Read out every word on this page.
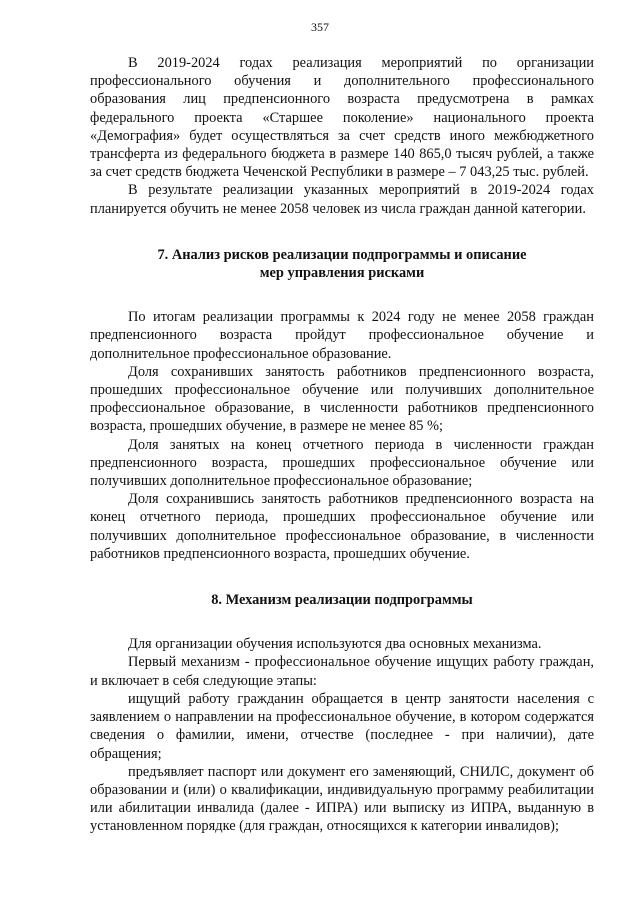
357

В 2019-2024 годах реализация мероприятий по организации профессионального обучения и дополнительного профессионального образования лиц предпенсионного возраста предусмотрена в рамках федерального проекта «Старшее поколение» национального проекта «Демография» будет осуществляться за счет средств иного межбюджетного трансферта из федерального бюджета в размере 140 865,0 тысяч рублей, а также за счет средств бюджета Чеченской Республики в размере – 7 043,25 тыс. рублей.

В результате реализации указанных мероприятий в 2019-2024 годах планируется обучить не менее 2058 человек из числа граждан данной категории.

7. Анализ рисков реализации подпрограммы и описание
мер управления рисками

По итогам реализации программы к 2024 году не менее 2058 граждан предпенсионного возраста пройдут профессиональное обучение и дополнительное профессиональное образование.

Доля сохранивших занятость работников предпенсионного возраста, прошедших профессиональное обучение или получивших дополнительное профессиональное образование, в численности работников предпенсионного возраста, прошедших обучение, в размере не менее 85 %;

Доля занятых на конец отчетного периода в численности граждан предпенсионного возраста, прошедших профессиональное обучение или получивших дополнительное профессиональное образование;

Доля сохранившись занятость работников предпенсионного возраста на конец отчетного периода, прошедших профессиональное обучение или получивших дополнительное профессиональное образование, в численности работников предпенсионного возраста, прошедших обучение.

8. Механизм реализации подпрограммы

Для организации обучения используются два основных механизма.

Первый механизм - профессиональное обучение ищущих работу граждан, и включает в себя следующие этапы:

ищущий работу гражданин обращается в центр занятости населения с заявлением о направлении на профессиональное обучение, в котором содержатся сведения о фамилии, имени, отчестве (последнее - при наличии), дате обращения;

предъявляет паспорт или документ его заменяющий, СНИЛС, документ об образовании и (или) о квалификации, индивидуальную программу реабилитации или абилитации инвалида (далее - ИПРА) или выписку из ИПРА, выданную в установленном порядке (для граждан, относящихся к категории инвалидов);
